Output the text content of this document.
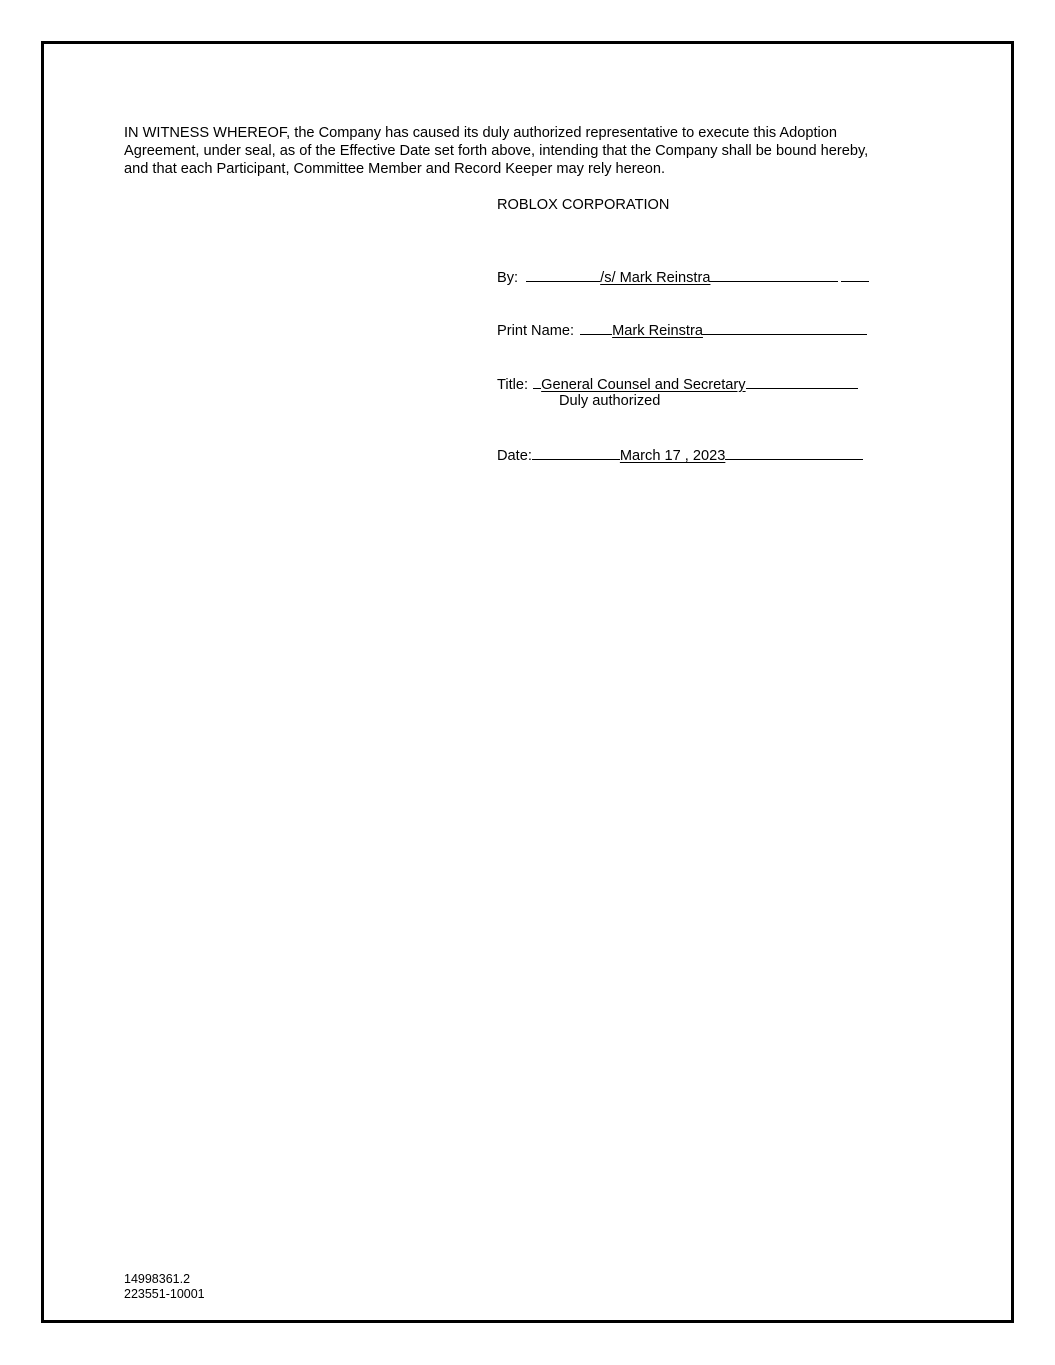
IN WITNESS WHEREOF, the Company has caused its duly authorized representative to execute this Adoption
Agreement, under seal, as of the Effective Date set forth above, intending that the Company shall be bound hereby,
and that each Participant, Committee Member and Record Keeper may rely hereon.

ROBLOX CORPORATION
By:	/s/ Mark Reinstra
Print Name:	Mark Reinstra
Title: General Counsel and Secretary
Duly authorized
Date:	March 17 , 2023
14998361.2
223551-10001
